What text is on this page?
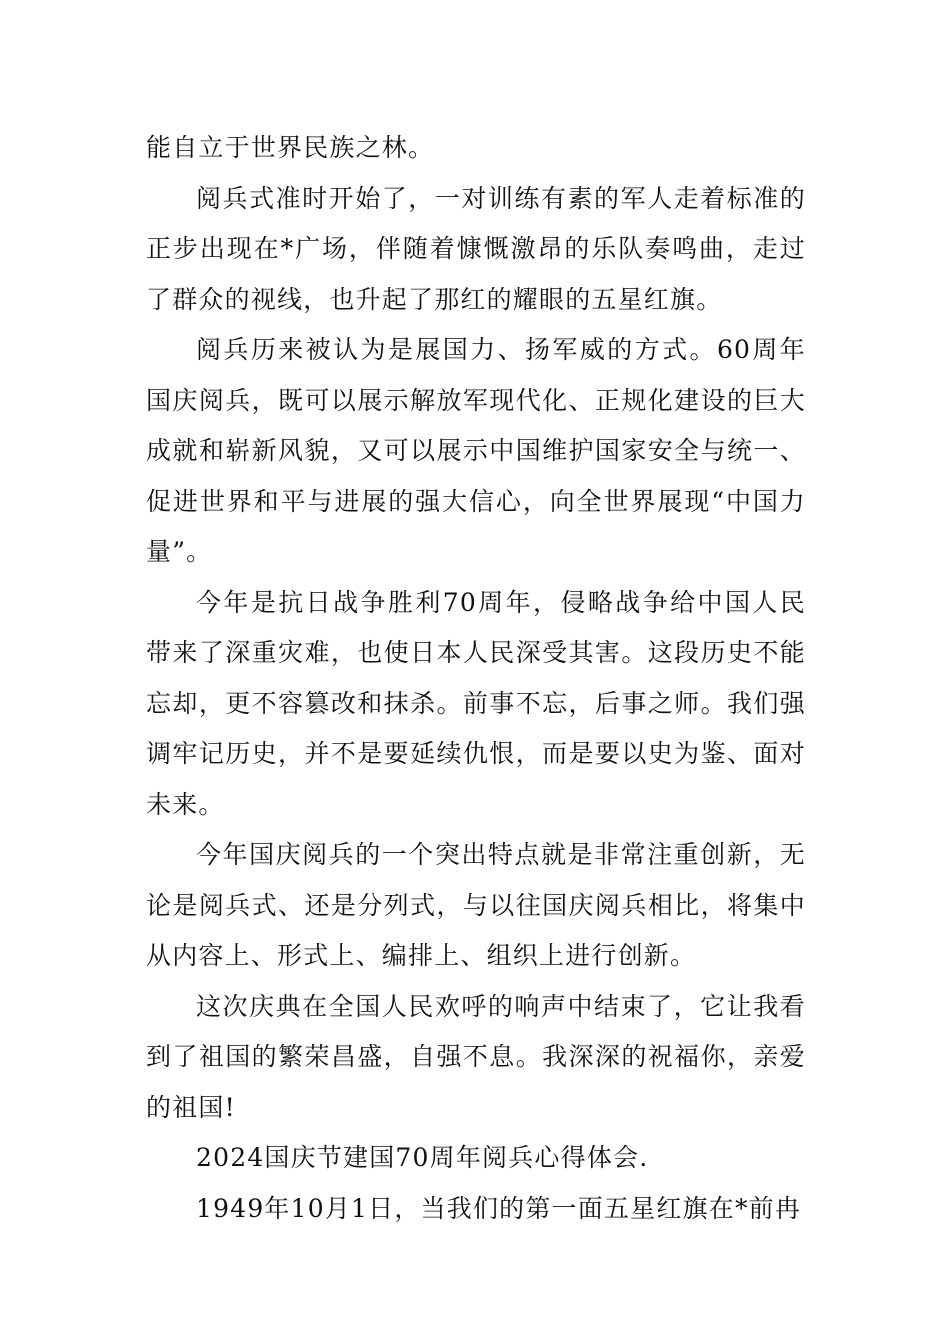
能自立于世界民族之林。

阅兵式准时开始了，一对训练有素的军人走着标准的正步出现在*广场，伴随着慷慨激昂的乐队奏鸣曲，走过了群众的视线，也升起了那红的耀眼的五星红旗。

阅兵历来被认为是展国力、扬军威的方式。60周年国庆阅兵，既可以展示解放军现代化、正规化建设的巨大成就和崭新风貌，又可以展示中国维护国家安全与统一、促进世界和平与进展的强大信心，向全世界展现“中国力量”。

今年是抗日战争胜利70周年，侵略战争给中国人民带来了深重灾难，也使日本人民深受其害。这段历史不能忘却，更不容篡改和抹杀。前事不忘，后事之师。我们强调牢记历史，并不是要延续仇恨，而是要以史为鉴、面对未来。

今年国庆阅兵的一个突出特点就是非常注重创新，无论是阅兵式、还是分列式，与以往国庆阅兵相比，将集中从内容上、形式上、编排上、组织上进行创新。

这次庆典在全国人民欢呼的响声中结束了，它让我看到了祖国的繁荣昌盛，自强不息。我深深的祝福你，亲爱的祖国!

2024国庆节建国70周年阅兵心得体会.

1949年10月1日，当我们的第一面五星红旗在*前冉
